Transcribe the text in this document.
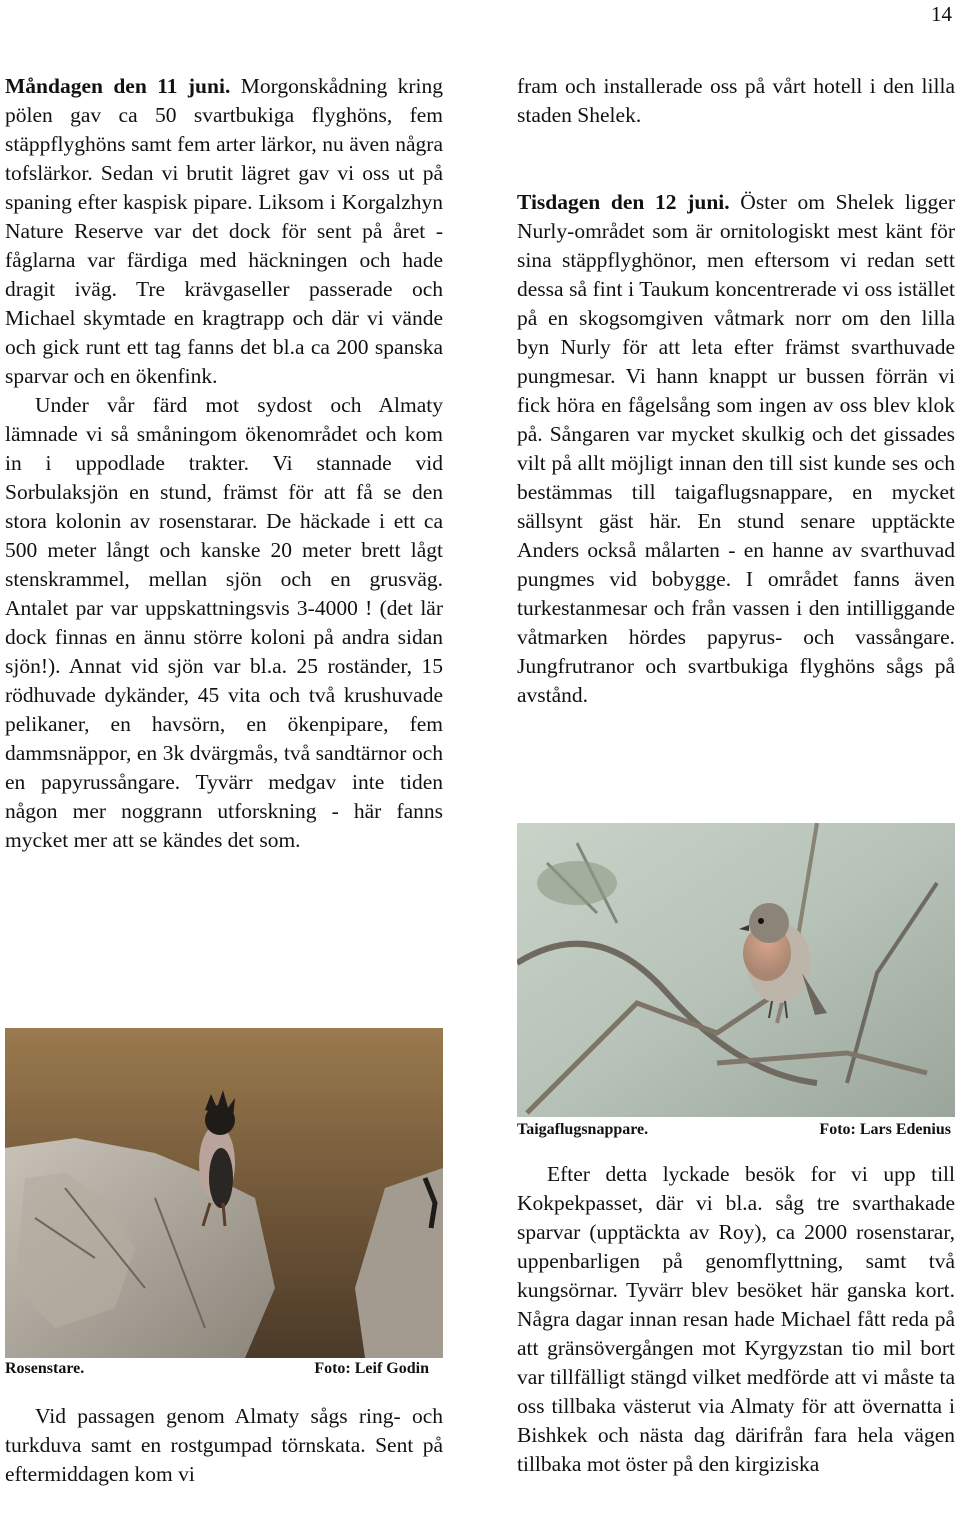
14

Måndagen den 11 juni. Morgonskådning kring pölen gav ca 50 svartbukiga flyghöns, fem stäppflyghöns samt fem arter lärkor, nu även några tofslärkor. Sedan vi brutit lägret gav vi oss ut på spaning efter kaspisk pipare. Liksom i Korgalzhyn Nature Reserve var det dock för sent på året - fåglarna var färdiga med häckningen och hade dragit iväg. Tre krävgaseller passerade och Michael skymtade en kragtrapp och där vi vände och gick runt ett tag fanns det bl.a ca 200 spanska sparvar och en ökenfink.

Under vår färd mot sydost och Almaty lämnade vi så småningom ökenområdet och kom in i uppodlade trakter. Vi stannade vid Sorbulaksjön en stund, främst för att få se den stora kolonin av rosenstarar. De häckade i ett ca 500 meter långt och kanske 20 meter brett lågt stenskrammel, mellan sjön och en grusväg. Antalet par var uppskattningsvis 3-4000 ! (det lär dock finnas en ännu större koloni på andra sidan sjön!). Annat vid sjön var bl.a. 25 roständer, 15 rödhuvade dykänder, 45 vita och två krushuvade pelikaner, en havsörn, en ökenpipare, fem dammsnäppor, en 3k dvärgmås, två sandtärnor och en papyrussångare. Tyvärr medgav inte tiden någon mer noggrann utforskning - här fanns mycket mer att se kändes det som.

Rosenstare.	Foto: Leif Godin
Vid passagen genom Almaty sågs ring- och turkduva samt en rostgumpad törnskata. Sent på eftermiddagen kom vi

fram och installerade oss på vårt hotell i den lilla staden Shelek.

Tisdagen den 12 juni. Öster om Shelek ligger Nurly-området som är ornitologiskt mest känt för sina stäppflyghönor, men eftersom vi redan sett dessa så fint i Taukum koncentrerade vi oss istället på en skogsomgiven våtmark norr om den lilla byn Nurly för att leta efter främst svarthuvade pungmesar. Vi hann knappt ur bussen förrän vi fick höra en fågelsång som ingen av oss blev klok på. Sångaren var mycket skulkig och det gissades vilt på allt möjligt innan den till sist kunde ses och bestämmas till taigaflugsnappare, en mycket sällsynt gäst här. En stund senare upptäckte Anders också målarten - en hanne av svarthuvad pungmes vid bobygge. I området fanns även turkestanmesar och från vassen i den intilliggande våtmarken hördes papyrus- och vassångare. Jungfrutranor och svartbukiga flyghöns sågs på avstånd.

Taigaflugsnappare.	Foto: Lars Edenius
Efter detta lyckade besök for vi upp till Kokpekpasset, där vi bl.a. såg tre svarthakade sparvar (upptäckta av Roy), ca 2000 rosenstarar, uppenbarligen på genomflyttning, samt två kungsörnar. Tyvärr blev besöket här ganska kort. Några dagar innan resan hade Michael fått reda på att gränsövergången mot Kyrgyzstan tio mil bort var tillfälligt stängd vilket medförde att vi måste ta oss tillbaka västerut via Almaty för att övernatta i Bishkek och nästa dag därifrån fara hela vägen tillbaka mot öster på den kirgiziska
